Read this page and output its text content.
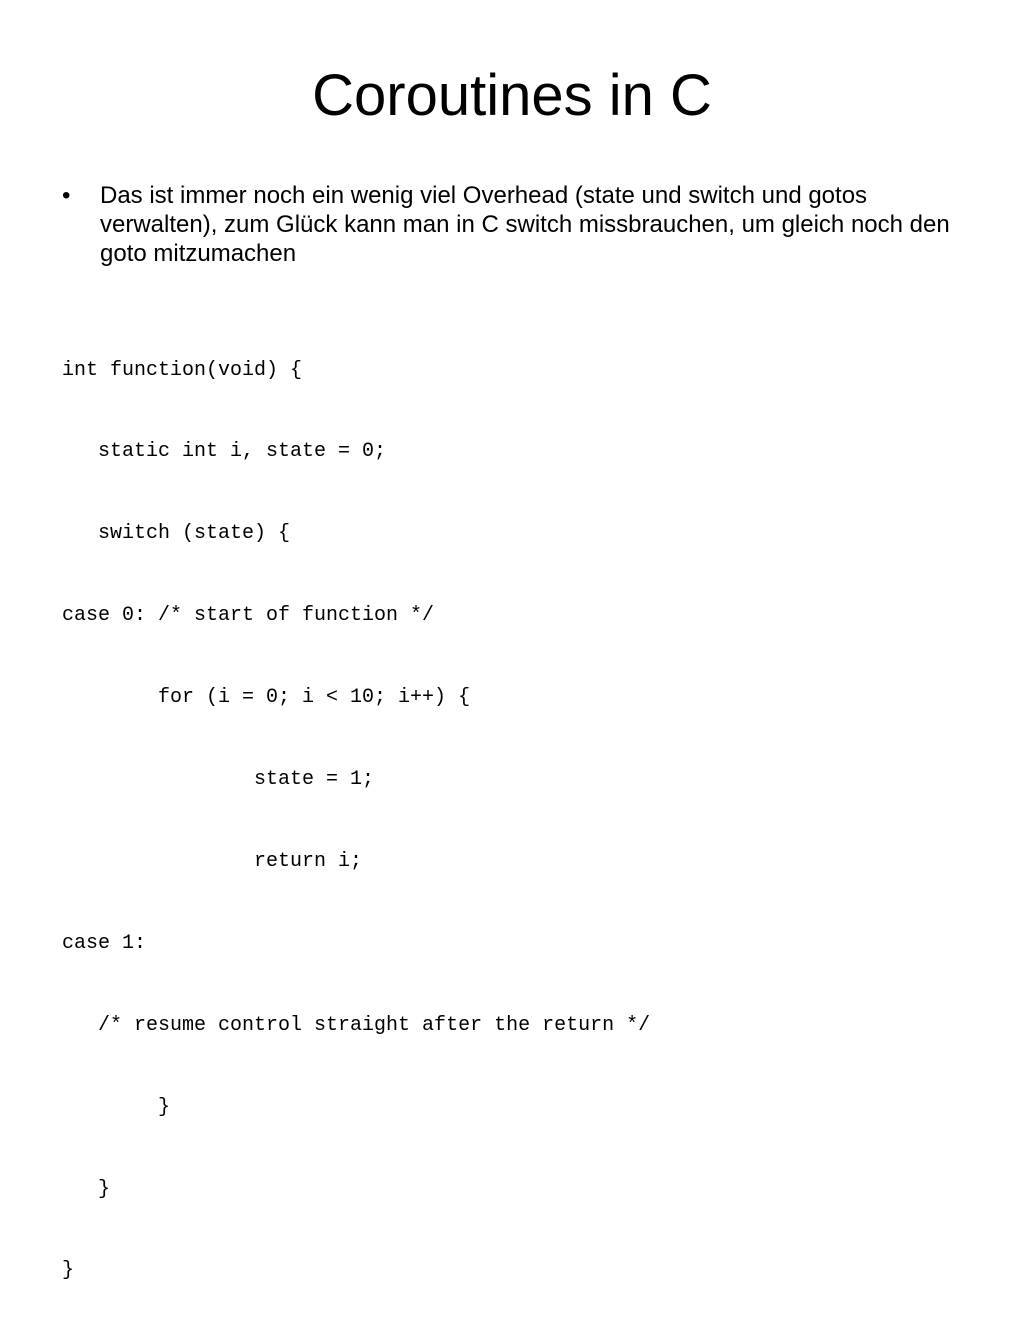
Coroutines in C
• Das ist immer noch ein wenig viel Overhead (state und switch und gotos verwalten), zum Glück kann man in C switch missbrauchen, um gleich noch den goto mitzumachen

int function(void) {

static int i, state = 0;

switch (state) {

case 0: /* start of function */

for (i = 0; i < 10; i++) {

state = 1;

return i;

case 1:

/* resume control straight after the return */

}

}

}
